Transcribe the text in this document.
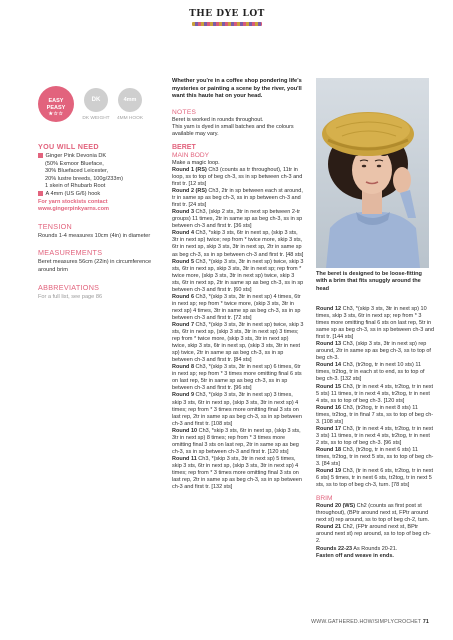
THE DYE LOT
EASY
PEASY
★☆☆
DK	4mm
DK WEIGHT	4MM HOOK
YOU WILL NEED
Ginger Pink Devonia DK
(50% Exmoor Blueface,
30% Bluefaced Leicester,
20% lustre breeds, 100g/233m)
1 skein of Rhubarb Root
A 4mm (US G/6) hook
For yarn stockists contact
www.gingerpinkyarns.com
TENSION
Rounds 1-4 measures 10cm (4in) in diameter
MEASUREMENTS
Beret measures 56cm (22in) in circumference around brim
ABBREVIATIONS
For a full list, see page 86
Whether you're in a coffee shop pondering life's mysteries or painting a scene by the river, you'll want this haute hat on your head.
NOTES
Beret is worked in rounds throughout.
This yarn is dyed in small batches and the colours available may vary.
BERET
MAIN BODY
Make a magic loop.
Round 1 (RS) Ch3 (counts as tr throughout), 11tr in loop, ss to top of beg ch-3, ss in sp between ch-3 and first tr. [12 sts]
Round 2 (RS) Ch3, 2tr in sp between each st around, tr in same sp as beg ch-3, ss in sp between ch-3 and first tr. [24 sts]
Round 3 Ch3, (skip 2 sts, 3tr in next sp between 2-tr groups) 11 times, 2tr in same sp as beg ch-3, ss in sp between ch-3 and first tr. [36 sts]
Round 4 Ch3, *skip 3 sts, 6tr in next sp, (skip 3 sts, 3tr in next sp) twice; rep from * twice more, skip 3 sts, 6tr in next sp, skip 3 sts, 3tr in next sp, 2tr in same sp as beg ch-3, ss in sp between ch-3 and first tr. [48 sts]
Round 5 Ch3, *(skip 3 sts, 3tr in next sp) twice, skip 3 sts, 6tr in next sp, skip 3 sts, 3tr in next sp; rep from * twice more, (skip 3 sts, 3tr in next sp) twice, skip 3 sts, 6tr in next sp, 2tr in same sp as beg ch-3, ss in sp between ch-3 and first tr. [60 sts]
Round 6 Ch3, *(skip 3 sts, 3tr in next sp) 4 times, 6tr in next sp; rep from * twice more, (skip 3 sts, 3tr in next sp) 4 times, 3tr in same sp as beg ch-3, ss in sp between ch-3 and first tr. [72 sts]
Round 7 Ch3, *(skip 3 sts, 3tr in next sp) twice, skip 3 sts, 6tr in next sp, (skip 3 sts, 3tr in next sp) 3 times; rep from * twice more, (skip 3 sts, 3tr in next sp) twice, skip 3 sts, 6tr in next sp, (skip 3 sts, 3tr in next sp) twice, 2tr in same sp as beg ch-3, ss in sp between ch-3 and first tr. [84 sts]
Round 8 Ch3, *(skip 3 sts, 3tr in next sp) 6 times, 6tr in next sp; rep from * 3 times more omitting final 6 sts on last rep, 5tr in same sp as beg ch-3, ss in sp between ch-3 and first tr. [96 sts]
Round 9 Ch3, *(skip 3 sts, 3tr in next sp) 3 times, skip 3 sts, 6tr in next sp, (skip 3 sts, 3tr in next sp) 4 times; rep from * 3 times more omitting final 3 sts on last rep, 2tr in same sp as beg ch-3, ss in sp between ch-3 and first tr. [108 sts]
Round 10 Ch3, *skip 3 sts, 6tr in next sp, (skip 3 sts, 3tr in next sp) 8 times; rep from * 3 times more omitting final 3 sts on last rep, 2tr in same sp as beg ch-3, ss in sp between ch-3 and first tr. [120 sts]
Round 11 Ch3, *(skip 3 sts, 3tr in next sp) 5 times, skip 3 sts, 6tr in next sp, (skip 3 sts, 3tr in next sp) 4 times; rep from * 3 times more omitting final 3 sts on last rep, 2tr in same sp as beg ch-3, ss in sp between ch-3 and first tr. [132 sts]
The beret is designed to be loose-fitting with a brim that fits snuggly around the head
Round 12 Ch3, *(skip 3 sts, 3tr in next sp) 10 times, skip 3 sts, 6tr in next sp; rep from * 3 times more omitting final 6 sts on last rep, 5tr in same sp as beg ch-3, ss in sp between ch-3 and first tr. [144 sts]
Round 13 Ch3, (skip 3 sts, 3tr in next sp) rep around, 2tr in same sp as beg ch-3, ss to top of beg ch-3.
Round 14 Ch3, (tr2tog, tr in next 10 sts) 11 times, tr2tog, tr in each st to end, ss to top of beg ch-3. [132 sts]
Round 15 Ch3, (tr in next 4 sts, tr2tog, tr in next 5 sts) 11 times, tr in next 4 sts, tr2tog, tr in next 4 sts, ss to top of beg ch-3. [120 sts]
Round 16 Ch3, (tr2tog, tr in next 8 sts) 11 times, tr2tog, tr in final 7 sts, ss to top of beg ch-3. [108 sts]
Round 17 Ch3, (tr in next 4 sts, tr2tog, tr in next 3 sts) 11 times, tr in next 4 sts, tr2tog, tr in next 2 sts, ss to top of beg ch-3. [96 sts]
Round 18 Ch3, (tr2tog, tr in next 6 sts) 11 times, tr2tog, tr in next 5 sts, ss to top of beg ch-3. [84 sts]
Round 19 Ch3, (tr in next 6 sts, tr2tog, tr in next 6 sts) 5 times, tr in next 6 sts, tr2tog, tr in next 5 sts, ss to top of beg ch-3, turn. [78 sts]
BRIM
Round 20 (WS) Ch2 (counts as first post st throughout), (BPtr around next st, FPtr around next st) rep around, ss to top of beg ch-2, turn.
Round 21 Ch2, (FPtr around next st, BPtr around next st) rep around, ss to top of beg ch-2.
Rounds 22-23 As Rounds 20-21.
Fasten off and weave in ends.
WWW.GATHERED.HOW/SIMPLYCROCHET 71
